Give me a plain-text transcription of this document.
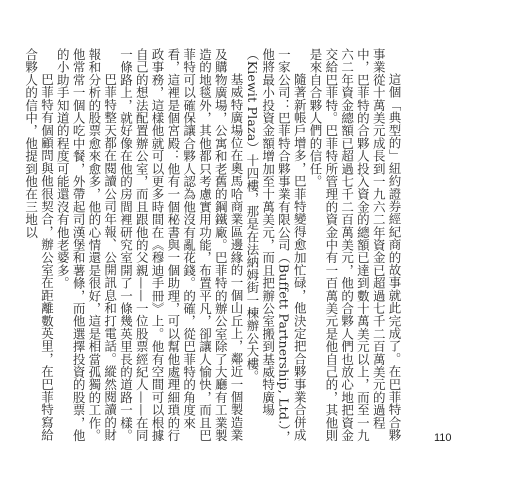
這個「典型的」紐約證券經紀商的故事就此完成了。在巴菲特合夥事業從十萬美元成長到一九六二年資金已超過七千二百萬美元的過程中，巴菲特的合夥人投入資金的總額已達到數十萬美元以上，而至一九六二年資金總額已超過七千二百萬美元，他的合夥人們也放心地把資金交給巴菲特。巴菲特所管理的資金中有一百萬美元是他自己的，其他則是來自合夥人們的信任。

隨著新帳戶增多，巴菲特變得愈加忙碌，他決定把合夥事業合併成一家公司：巴菲特合夥事業有限公司（Buffett Partnership, Ltd.），他將最小投資金額增加至十萬美元，而且把辦公室搬到基威特廣場（Kiewit Plaza）十四樓，那是在法納姆街一棟辦公大樓。

基威特廣場位在奧馬哈商業區邊緣的一個山丘上，鄰近一個製造業及購物廣場，公寓和老舊的鋼鐵廠。巴菲特的辦公室除了大廳有工業製造的地毯外，其他都只考慮實用功能，布置平凡，卻讓人愉快，而且巴菲特可以確保讓合夥人認為他沒有亂花錢。的確，從巴菲特的角度來看，這裡是個宮殿：他有一個秘書與一個助理，可以幫他處理細瑣的行政事務，這樣他就可以更多時間在《穆迪手冊》上。他有空間可以根據自己的想法配置辦公室，而且跟他的父親——一位股票經紀人——在同一條路上，就好像在他的房間裡研究室開了一條幾英里長的道路一樣。

巴菲特整天都在閱讀公司年報、公開訊息和打電話。縱然閱讀的財報和分析的股票愈來愈多，他的心情還是很好，這是相當孤獨的工作。他常常一個人吃中餐，外帶起司漢堡和薯條，而他選擇投資的股票，他的小助手知道的程度可能還沒有他老婆多。

巴菲特有個顧問與他很契合，辦公室在距離數英里，在巴菲特寫給合夥人的信中，他提到他在三地以

110
